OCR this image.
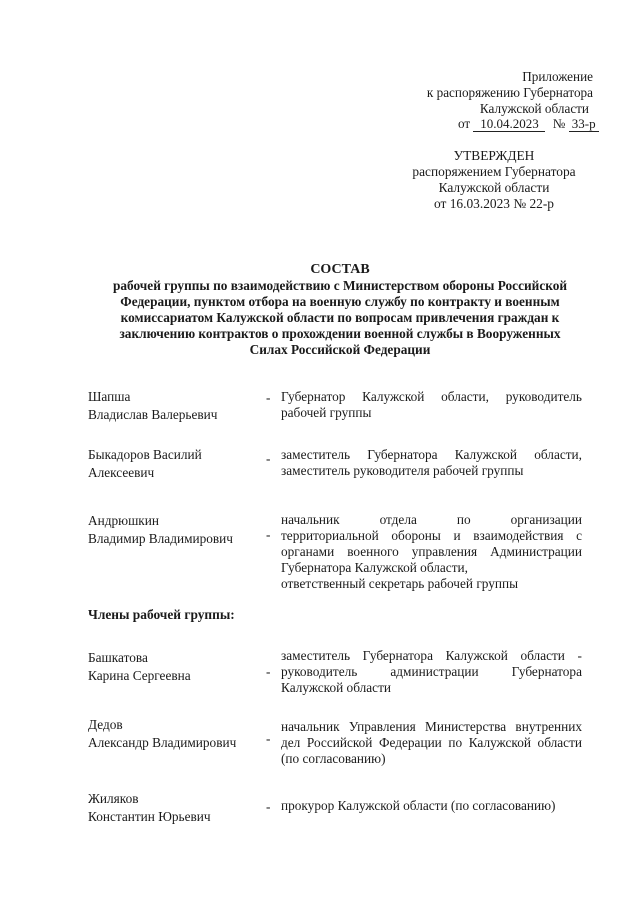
Приложение
к распоряжению Губернатора
Калужской области
от 10.04.2023 № 33-р
УТВЕРЖДЕН
распоряжением Губернатора
Калужской области
от 16.03.2023 № 22-р
СОСТАВ
рабочей группы по взаимодействию с Министерством обороны Российской
Федерации, пунктом отбора на военную службу по контракту и военным
комиссариатом Калужской области по вопросам привлечения граждан к
заключению контрактов о прохождении военной службы в Вооруженных
Силах Российской Федерации
Шапша
Владислав Валерьевич
- Губернатор Калужской области, руководитель

рабочей группы

Быкадоров Василий
Алексеевич
- заместитель Губернатора Калужской области,

заместитель руководителя рабочей группы

Андрюшкин
Владимир Владимирович -

начальник отдела по организации

территориальной обороны и взаимодействия с

органами военного управления Администрации

Губернатора Калужской области,

ответственный секретарь рабочей группы

Члены рабочей группы:
Башкатова
Карина Сергеевна	-

заместитель Губернатора Калужской области -

руководитель администрации Губернатора

Калужской области

Дедов
Александр Владимирович -

начальник Управления Министерства внутренних

дел Российской Федерации по Калужской области

(по согласованию)

Жиляков
Константин Юрьевич
- прокурор Калужской области (по согласованию)
